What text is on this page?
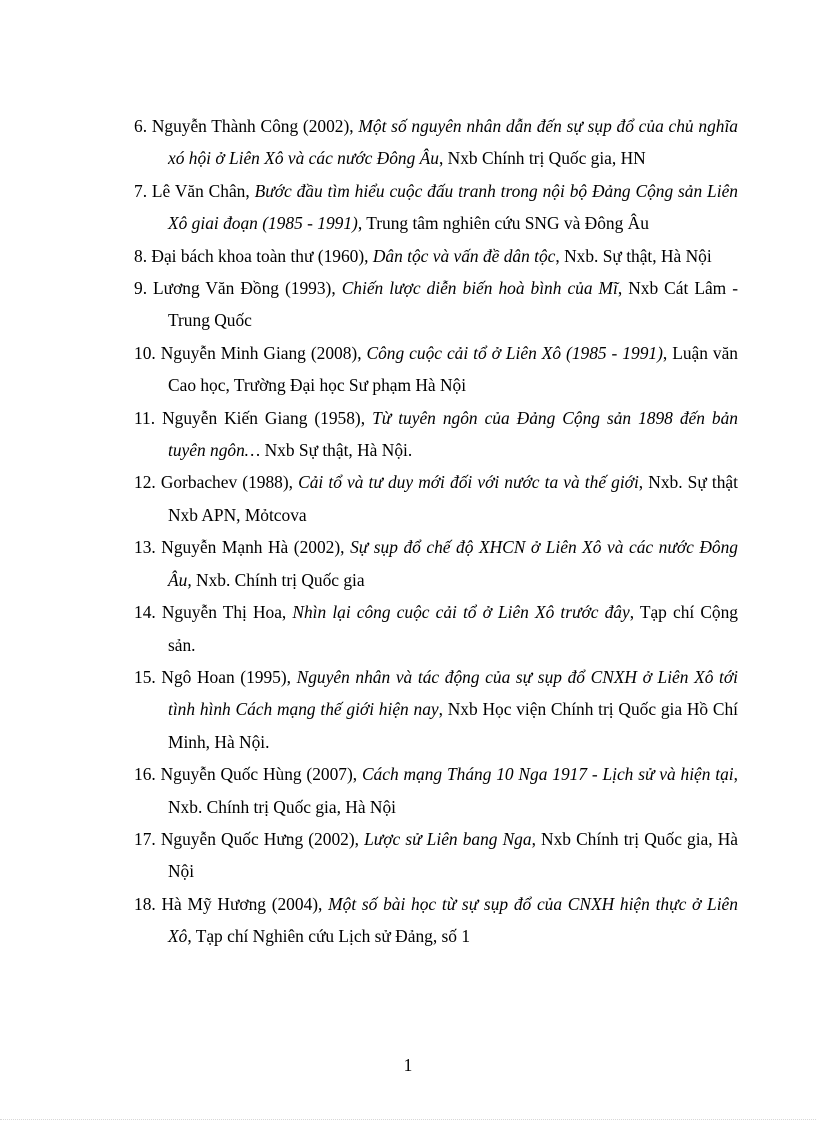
6. Nguyễn Thành Công (2002), Một số nguyên nhân dẫn đến sự sụp đổ của chủ nghĩa xó hội ở Liên Xô và các nước Đông Âu, Nxb Chính trị Quốc gia, HN
7. Lê Văn Chân, Bước đầu tìm hiểu cuộc đấu tranh trong nội bộ Đảng Cộng sản Liên Xô giai đoạn (1985 - 1991), Trung tâm nghiên cứu SNG và Đông Âu
8. Đại bách khoa toàn thư (1960), Dân tộc và vấn đề dân tộc, Nxb. Sự thật, Hà Nội
9. Lương Văn Đồng (1993), Chiến lược diễn biến hoà bình của Mĩ, Nxb Cát Lâm - Trung Quốc
10. Nguyễn Minh Giang (2008), Công cuộc cải tổ ở Liên Xô (1985 - 1991), Luận văn Cao học, Trường Đại học Sư phạm Hà Nội
11. Nguyễn Kiến Giang (1958), Từ tuyên ngôn của Đảng Cộng sản 1898 đến bản tuyên ngôn… Nxb Sự thật, Hà Nội.
12. Gorbachev (1988), Cải tổ và tư duy mới đối với nước ta và thế giới, Nxb. Sự thật Nxb APN, Mỏtcova
13. Nguyễn Mạnh Hà (2002), Sự sụp đổ chế độ XHCN ở Liên Xô và các nước Đông Âu, Nxb. Chính trị Quốc gia
14. Nguyễn Thị Hoa, Nhìn lại công cuộc cải tổ ở Liên Xô trước đây, Tạp chí Cộng sản.
15. Ngô Hoan (1995), Nguyên nhân và tác động của sự sụp đổ CNXH ở Liên Xô tới tình hình Cách mạng thế giới hiện nay, Nxb Học viện Chính trị Quốc gia Hồ Chí Minh, Hà Nội.
16. Nguyễn Quốc Hùng (2007), Cách mạng Tháng 10 Nga 1917 - Lịch sử và hiện tại, Nxb. Chính trị Quốc gia, Hà Nội
17. Nguyễn Quốc Hưng (2002), Lược sử Liên bang Nga, Nxb Chính trị Quốc gia, Hà Nội
18. Hà Mỹ Hương (2004), Một số bài học từ sự sụp đổ của CNXH hiện thực ở Liên Xô, Tạp chí Nghiên cứu Lịch sử Đảng, số 1
1
